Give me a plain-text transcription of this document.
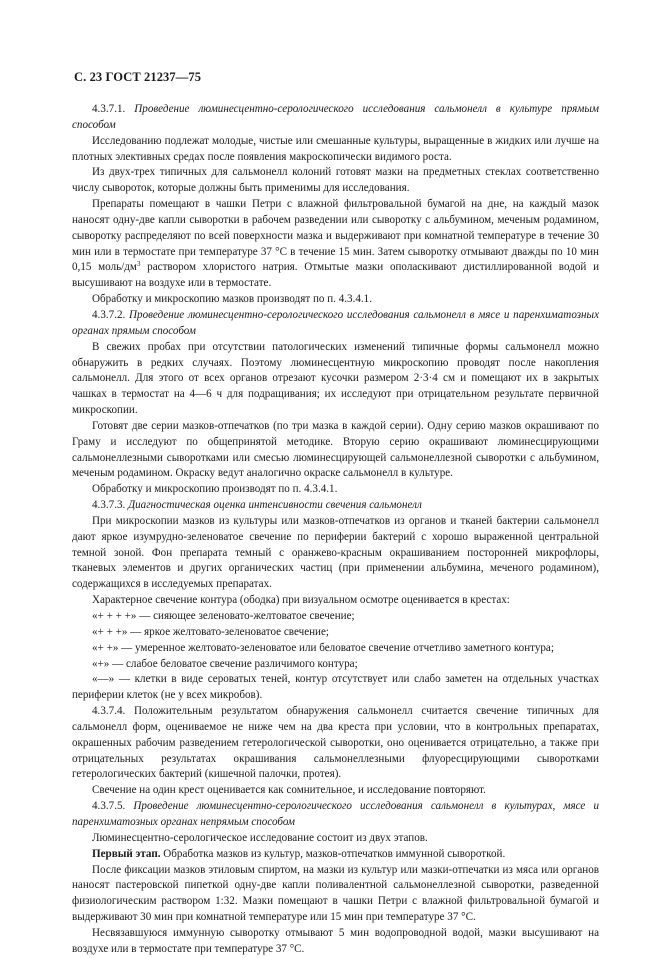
С. 23 ГОСТ 21237—75

4.3.7.1. Проведение люминесцентно-серологического исследования сальмонелл в культуре прямым способом

Исследованию подлежат молодые, чистые или смешанные культуры, выращенные в жидких или лучше на плотных элективных средах после появления макроскопически видимого роста.

Из двух-трех типичных для сальмонелл колоний готовят мазки на предметных стеклах соответственно числу сывороток, которые должны быть применимы для исследования.

Препараты помещают в чашки Петри с влажной фильтровальной бумагой на дне, на каждый мазок наносят одну-две капли сыворотки в рабочем разведении или сыворотку с альбумином, меченым родамином, сыворотку распределяют по всей поверхности мазка и выдерживают при комнатной температуре в течение 30 мин или в термостате при температуре 37 °С в течение 15 мин. Затем сыворотку отмывают дважды по 10 мин 0,15 моль/$дм^3$ раствором хлористого натрия. Отмытые мазки ополаскивают дистиллированной водой и высушивают на воздухе или в термостате.

Обработку и микроскопию мазков производят по п. 4.3.4.1.

4.3.7.2. Проведение люминесцентно-серологического исследования сальмонелл в мясе и паренхиматозных органах прямым способом

В свежих пробах при отсутствии патологических изменений типичные формы сальмонелл можно обнаружить в редких случаях. Поэтому люминесцентную микроскопию проводят после накопления сальмонелл. Для этого от всех органов отрезают кусочки размером 2·3·4 см и помещают их в закрытых чашках в термостат на 4—6 ч для подращивания; их исследуют при отрицательном результате первичной микроскопии.

Готовят две серии мазков-отпечатков (по три мазка в каждой серии). Одну серию мазков окрашивают по Граму и исследуют по общепринятой методике. Вторую серию окрашивают люминесцирующими сальмонеллезными сыворотками или смесью люминесцирующей сальмонеллезной сыворотки с альбумином, меченым родамином. Окраску ведут аналогично окраске сальмонелл в культуре.

Обработку и микроскопию производят по п. 4.3.4.1.

4.3.7.3. Диагностическая оценка интенсивности свечения сальмонелл

При микроскопии мазков из культуры или мазков-отпечатков из органов и тканей бактерии сальмонелл дают яркое изумрудно-зеленоватое свечение по периферии бактерий с хорошо выраженной центральной темной зоной. Фон препарата темный с оранжево-красным окрашиванием посторонней микрофлоры, тканевых элементов и других органических частиц (при применении альбумина, меченого родамином), содержащихся в исследуемых препаратах.

Характерное свечение контура (ободка) при визуальном осмотре оценивается в крестах:

«+ + + +» — сияющее зеленовато-желтоватое свечение;

«+ + +» — яркое желтовато-зеленоватое свечение;

«+ +» — умеренное желтовато-зеленоватое или беловатое свечение отчетливо заметного контура;

«+» — слабое беловатое свечение различимого контура;

«—» — клетки в виде сероватых теней, контур отсутствует или слабо заметен на отдельных участках периферии клеток (не у всех микробов).

4.3.7.4. Положительным результатом обнаружения сальмонелл считается свечение типичных для сальмонелл форм, оцениваемое не ниже чем на два креста при условии, что в контрольных препаратах, окрашенных рабочим разведением гетерологической сыворотки, оно оценивается отрицательно, а также при отрицательных результатах окрашивания сальмонеллезными флуоресцирующими сыворотками гетерологических бактерий (кишечной палочки, протея).

Свечение на один крест оценивается как сомнительное, и исследование повторяют.

4.3.7.5. Проведение люминесцентно-серологического исследования сальмонелл в культурах, мясе и паренхиматозных органах непрямым способом

Люминесцентно-серологическое исследование состоит из двух этапов.

Первый этап. Обработка мазков из культур, мазков-отпечатков иммунной сывороткой.

После фиксации мазков этиловым спиртом, на мазки из культур или мазки-отпечатки из мяса или органов наносят пастеровской пипеткой одну-две капли поливалентной сальмонеллезной сыворотки, разведенной физиологическим раствором 1:32. Мазки помещают в чашки Петри с влажной фильтровальной бумагой и выдерживают 30 мин при комнатной температуре или 15 мин при температуре 37 °С.

Несвязавшуюся иммунную сыворотку отмывают 5 мин водопроводной водой, мазки высушивают на воздухе или в термостате при температуре 37 °С.
